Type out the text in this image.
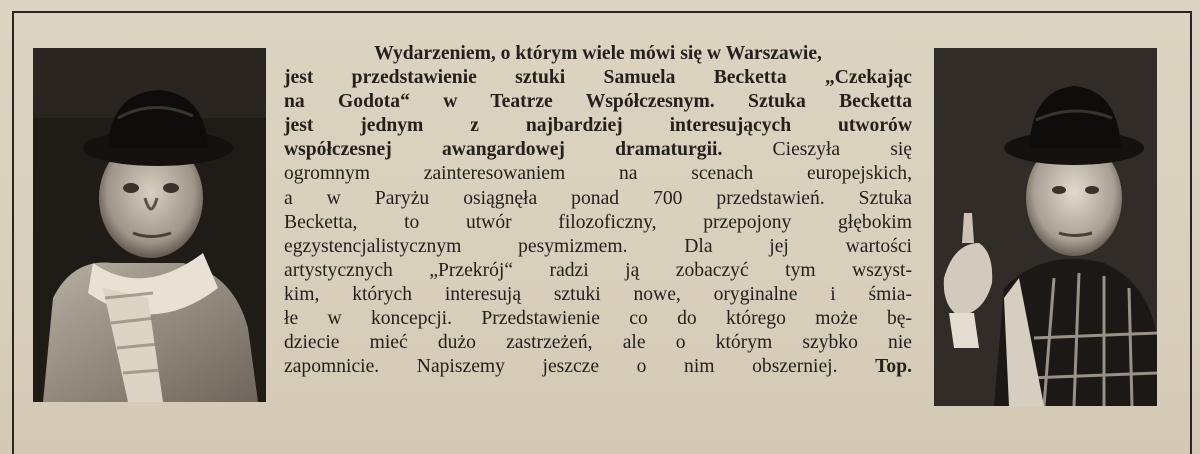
Wydarzeniem, o którym wiele mówi się w Warszawie,
jest przedstawienie sztuki Samuela Becketta „Czekając
na Godota“ w Teatrze Współczesnym. Sztuka Becketta
jest jednym z najbardziej interesujących utworów
współczesnej awangardowej dramaturgii. Cieszyła się
ogromnym zainteresowaniem na scenach europejskich,
a w Paryżu osiągnęła ponad 700 przedstawień. Sztuka
Becketta, to utwór filozoficzny, przepojony głębokim
egzystencjalistycznym pesymizmem. Dla jej wartości
artystycznych „Przekrój“ radzi ją zobaczyć tym wszyst-
kim, których interesują sztuki nowe, oryginalne i śmia-
łe w koncepcji. Przedstawienie co do którego może bę-
dziecie mieć dużo zastrzeżeń, ale o którym szybko nie
zapomnicie. Napiszemy jeszcze o nim obszerniej. Top.
